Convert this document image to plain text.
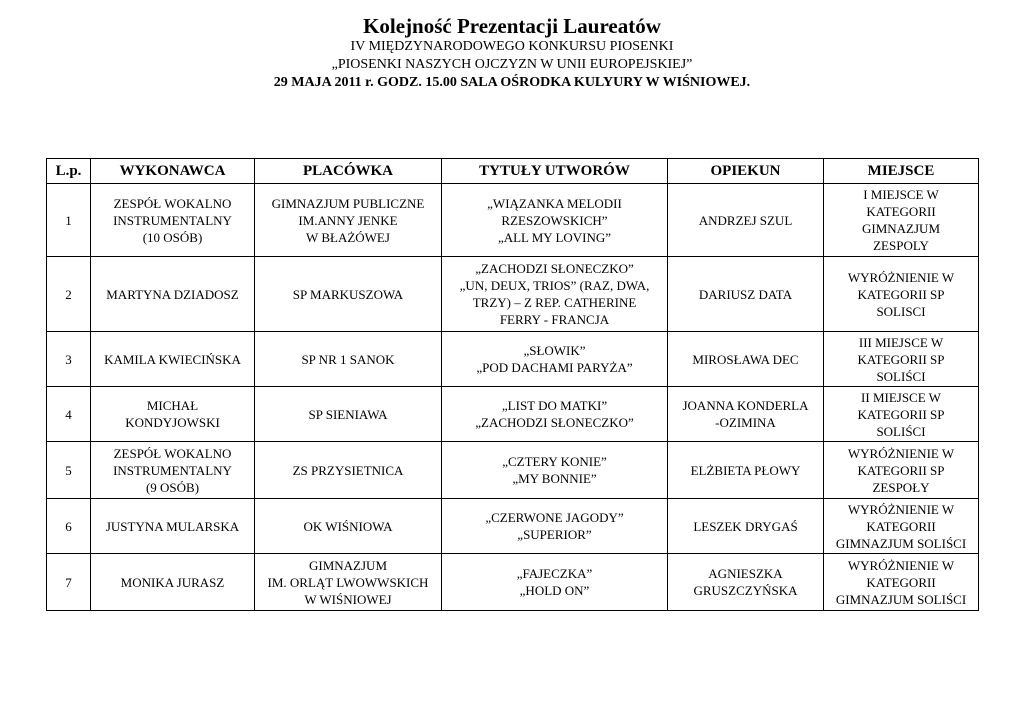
Kolejność Prezentacji Laureatów

IV MIĘDZYNARODOWEGO KONKURSU PIOSENKI

„PIOSENKI NASZYCH OJCZYZN W UNII EUROPEJSKIEJ”

29 MAJA 2011 r. GODZ. 15.00 SALA OŚRODKA KULYURY W WIŚNIOWEJ.

L.p.	WYKONAWCA	PLACÓWKA	TYTUŁY UTWORÓW	OPIEKUN	MIEJSCE
1	ZESPÓŁ WOKALNO
INSTRUMENTALNY
(10 OSÓB)	GIMNAZJUM PUBLICZNE
IM.ANNY JENKE
W BŁAŻÓWEJ	„WIĄZANKA MELODII
RZESZOWSKICH”
„ALL MY LOVING”	ANDRZEJ SZUL	I MIEJSCE W
KATEGORII
GIMNAZJUM
ZESPOLY
2	MARTYNA DZIADOSZ	SP MARKUSZOWA	„ZACHODZI SŁONECZKO”
„UN, DEUX, TRIOS” (RAZ, DWA,
TRZY) – Z REP. CATHERINE
FERRY - FRANCJA	DARIUSZ DATA	WYRÓŻNIENIE W
KATEGORII SP
SOLISCI
3	KAMILA KWIECIŃSKA	SP NR 1 SANOK	„SŁOWIK”
„POD DACHAMI PARYŻA”	MIROSŁAWA DEC	III MIEJSCE W
KATEGORII SP
SOLIŚCI
4	MICHAŁ
KONDYJOWSKI	SP SIENIAWA	„LIST DO MATKI”
„ZACHODZI SŁONECZKO”	JOANNA KONDERLA
-OZIMINA	II MIEJSCE W
KATEGORII SP
SOLIŚCI
5	ZESPÓŁ WOKALNO
INSTRUMENTALNY
(9 OSÓB)	ZS PRZYSIETNICA	„CZTERY KONIE”
„MY BONNIE”	ELŻBIETA PŁOWY	WYRÓŻNIENIE W
KATEGORII SP
ZESPOŁY
6	JUSTYNA MULARSKA	OK WIŚNIOWA	„CZERWONE JAGODY”
„SUPERIOR”	LESZEK DRYGAŚ	WYRÓŻNIENIE W
KATEGORII
GIMNAZJUM SOLIŚCI
7	MONIKA JURASZ	GIMNAZJUM
IM. ORLĄT LWOWWSKICH
W WIŚNIOWEJ	„FAJECZKA”
„HOLD ON”	AGNIESZKA
GRUSZCZYŃSKA	WYRÓŻNIENIE W
KATEGORII
GIMNAZJUM SOLIŚCI
